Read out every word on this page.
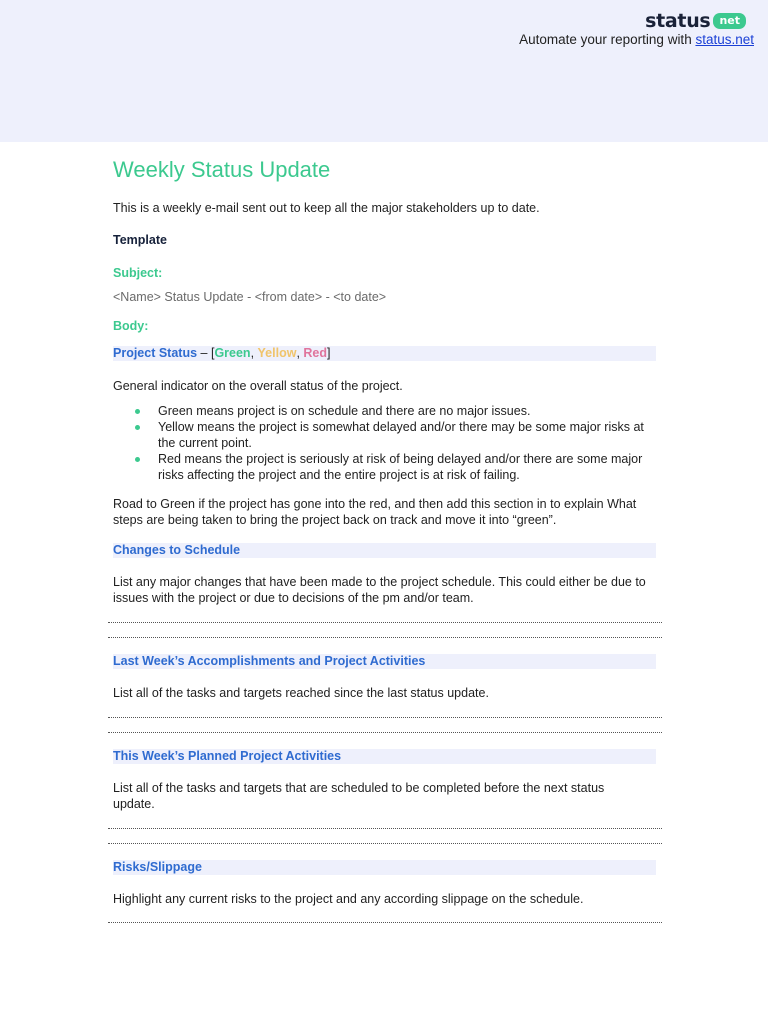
status net
Automate your reporting with status.net
Weekly Status Update

This is a weekly e-mail sent out to keep all the major stakeholders up to date.

Template

Subject:

<Name> Status Update - <from date> - <to date>

Body:

Project Status – [Green, Yellow, Red]

General indicator on the overall status of the project.

Green means project is on schedule and there are no major issues.
Yellow means the project is somewhat delayed and/or there may be some major risks at the current point.
Red means the project is seriously at risk of being delayed and/or there are some major risks affecting the project and the entire project is at risk of failing.

Road to Green if the project has gone into the red, and then add this section in to explain What steps are being taken to bring the project back on track and move it into “green”.

Changes to Schedule

List any major changes that have been made to the project schedule. This could either be due to issues with the project or due to decisions of the pm and/or team.

Last Week’s Accomplishments and Project Activities

List all of the tasks and targets reached since the last status update.

This Week’s Planned Project Activities

List all of the tasks and targets that are scheduled to be completed before the next status update.

Risks/Slippage

Highlight any current risks to the project and any according slippage on the schedule.
